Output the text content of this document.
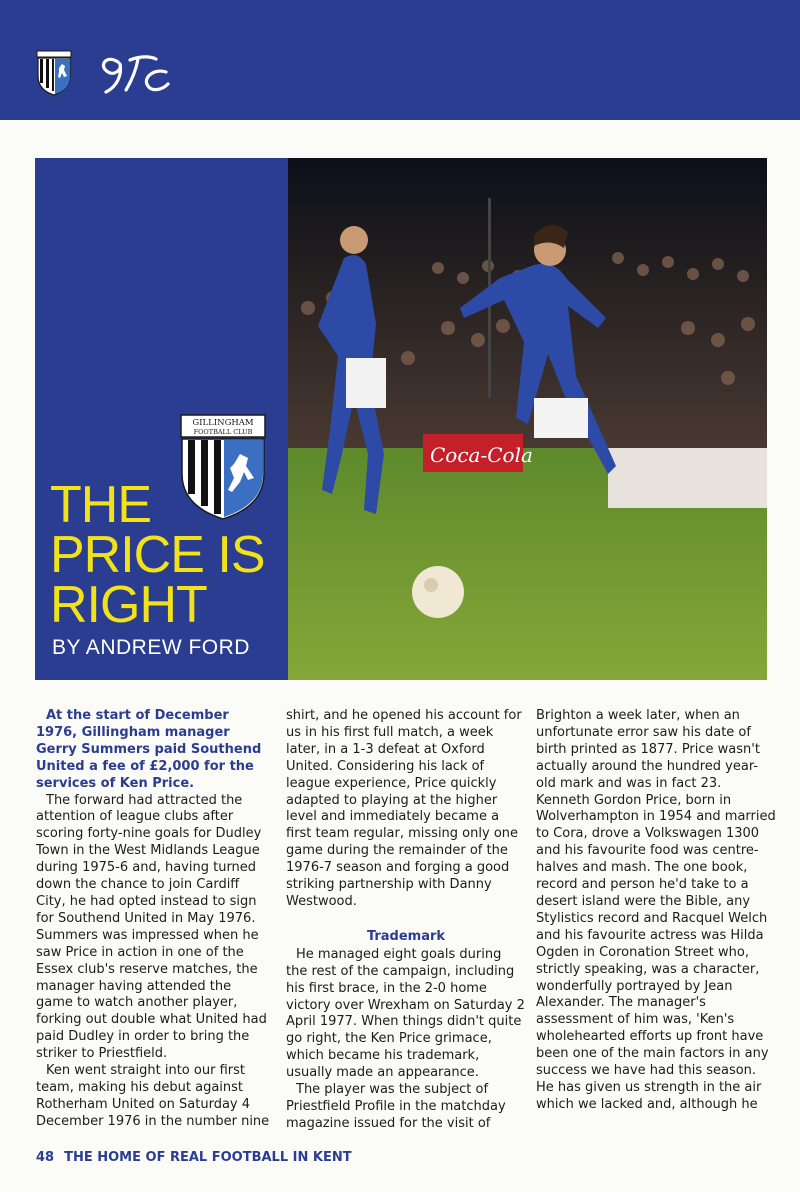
Coca-Cola
GILLINGHAM
FOOTBALL CLUB
THE
PRICE IS
RIGHT
BY ANDREW FORD

At the start of December 1976, Gillingham manager Gerry Summers paid Southend United a fee of £2,000 for the services of Ken Price.

The forward had attracted the attention of league clubs after scoring forty-nine goals for Dudley Town in the West Midlands League during 1975-6 and, having turned down the chance to join Cardiff City, he had opted instead to sign for Southend United in May 1976. Summers was impressed when he saw Price in action in one of the Essex club's reserve matches, the manager having attended the game to watch another player, forking out double what United had paid Dudley in order to bring the striker to Priestfield.

Ken went straight into our first team, making his debut against Rotherham United on Saturday 4 December 1976 in the number nine

shirt, and he opened his account for us in his first full match, a week later, in a 1-3 defeat at Oxford United. Considering his lack of league experience, Price quickly adapted to playing at the higher level and immediately became a first team regular, missing only one game during the remainder of the 1976-7 season and forging a good striking partnership with Danny Westwood.

Trademark

He managed eight goals during the rest of the campaign, including his first brace, in the 2-0 home victory over Wrexham on Saturday 2 April 1977. When things didn't quite go right, the Ken Price grimace, which became his trademark, usually made an appearance.

The player was the subject of Priestfield Profile in the matchday magazine issued for the visit of

Brighton a week later, when an unfortunate error saw his date of birth printed as 1877. Price wasn't actually around the hundred year-old mark and was in fact 23. Kenneth Gordon Price, born in Wolverhampton in 1954 and married to Cora, drove a Volkswagen 1300 and his favourite food was centre-halves and mash. The one book, record and person he'd take to a desert island were the Bible, any Stylistics record and Racquel Welch and his favourite actress was Hilda Ogden in Coronation Street who, strictly speaking, was a character, wonderfully portrayed by Jean Alexander. The manager's assessment of him was, 'Ken's wholehearted efforts up front have been one of the main factors in any success we have had this season. He has given us strength in the air which we lacked and, although he

48 THE HOME OF REAL FOOTBALL IN KENT
